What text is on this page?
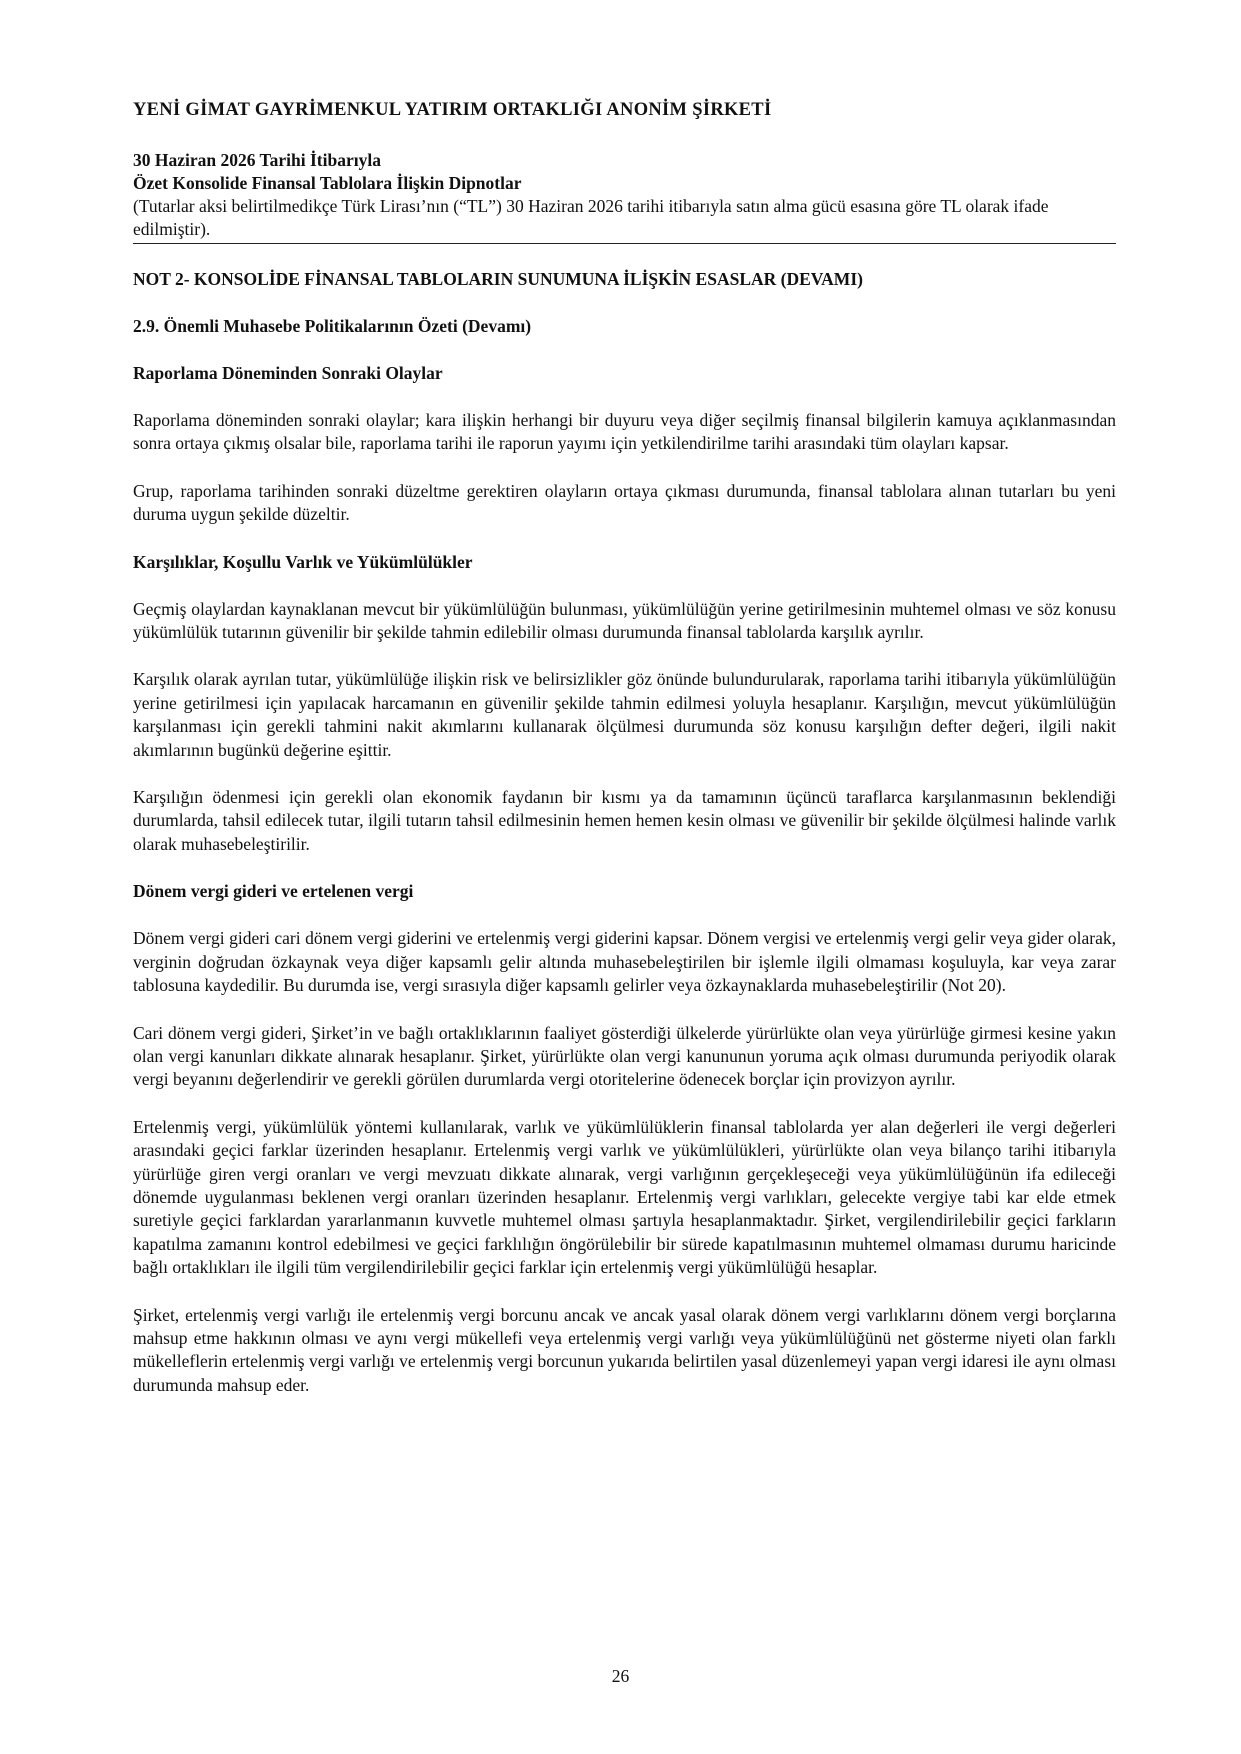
YENİ GİMAT GAYRİMENKUL YATIRIM ORTAKLIĞI ANONİM ŞİRKETİ

30 Haziran 2026 Tarihi İtibarıyla

Özet Konsolide Finansal Tablolara İlişkin Dipnotlar

(Tutarlar aksi belirtilmedikçe Türk Lirası’nın (“TL”) 30 Haziran 2026 tarihi itibarıyla satın alma gücü esasına göre TL olarak ifade edilmiştir).

NOT 2- KONSOLİDE FİNANSAL TABLOLARIN SUNUMUNA İLİŞKİN ESASLAR (DEVAMI)
2.9. Önemli Muhasebe Politikalarının Özeti (Devamı)
Raporlama Döneminden Sonraki Olaylar

Raporlama döneminden sonraki olaylar; kara ilişkin herhangi bir duyuru veya diğer seçilmiş finansal bilgilerin kamuya açıklanmasından sonra ortaya çıkmış olsalar bile, raporlama tarihi ile raporun yayımı için yetkilendirilme tarihi arasındaki tüm olayları kapsar.

Grup, raporlama tarihinden sonraki düzeltme gerektiren olayların ortaya çıkması durumunda, finansal tablolara alınan tutarları bu yeni duruma uygun şekilde düzeltir.

Karşılıklar, Koşullu Varlık ve Yükümlülükler

Geçmiş olaylardan kaynaklanan mevcut bir yükümlülüğün bulunması, yükümlülüğün yerine getirilmesinin muhtemel olması ve söz konusu yükümlülük tutarının güvenilir bir şekilde tahmin edilebilir olması durumunda finansal tablolarda karşılık ayrılır.

Karşılık olarak ayrılan tutar, yükümlülüğe ilişkin risk ve belirsizlikler göz önünde bulundurularak, raporlama tarihi itibarıyla yükümlülüğün yerine getirilmesi için yapılacak harcamanın en güvenilir şekilde tahmin edilmesi yoluyla hesaplanır. Karşılığın, mevcut yükümlülüğün karşılanması için gerekli tahmini nakit akımlarını kullanarak ölçülmesi durumunda söz konusu karşılığın defter değeri, ilgili nakit akımlarının bugünkü değerine eşittir.

Karşılığın ödenmesi için gerekli olan ekonomik faydanın bir kısmı ya da tamamının üçüncü taraflarca karşılanmasının beklendiği durumlarda, tahsil edilecek tutar, ilgili tutarın tahsil edilmesinin hemen hemen kesin olması ve güvenilir bir şekilde ölçülmesi halinde varlık olarak muhasebeleştirilir.

Dönem vergi gideri ve ertelenen vergi

Dönem vergi gideri cari dönem vergi giderini ve ertelenmiş vergi giderini kapsar. Dönem vergisi ve ertelenmiş vergi gelir veya gider olarak, verginin doğrudan özkaynak veya diğer kapsamlı gelir altında muhasebeleştirilen bir işlemle ilgili olmaması koşuluyla, kar veya zarar tablosuna kaydedilir. Bu durumda ise, vergi sırasıyla diğer kapsamlı gelirler veya özkaynaklarda muhasebeleştirilir (Not 20).

Cari dönem vergi gideri, Şirket’in ve bağlı ortaklıklarının faaliyet gösterdiği ülkelerde yürürlükte olan veya yürürlüğe girmesi kesine yakın olan vergi kanunları dikkate alınarak hesaplanır. Şirket, yürürlükte olan vergi kanununun yoruma açık olması durumunda periyodik olarak vergi beyanını değerlendirir ve gerekli görülen durumlarda vergi otoritelerine ödenecek borçlar için provizyon ayrılır.

Ertelenmiş vergi, yükümlülük yöntemi kullanılarak, varlık ve yükümlülüklerin finansal tablolarda yer alan değerleri ile vergi değerleri arasındaki geçici farklar üzerinden hesaplanır. Ertelenmiş vergi varlık ve yükümlülükleri, yürürlükte olan veya bilanço tarihi itibarıyla yürürlüğe giren vergi oranları ve vergi mevzuatı dikkate alınarak, vergi varlığının gerçekleşeceği veya yükümlülüğünün ifa edileceği dönemde uygulanması beklenen vergi oranları üzerinden hesaplanır. Ertelenmiş vergi varlıkları, gelecekte vergiye tabi kar elde etmek suretiyle geçici farklardan yararlanmanın kuvvetle muhtemel olması şartıyla hesaplanmaktadır. Şirket, vergilendirilebilir geçici farkların kapatılma zamanını kontrol edebilmesi ve geçici farklılığın öngörülebilir bir sürede kapatılmasının muhtemel olmaması durumu haricinde bağlı ortaklıkları ile ilgili tüm vergilendirilebilir geçici farklar için ertelenmiş vergi yükümlülüğü hesaplar.

Şirket, ertelenmiş vergi varlığı ile ertelenmiş vergi borcunu ancak ve ancak yasal olarak dönem vergi varlıklarını dönem vergi borçlarına mahsup etme hakkının olması ve aynı vergi mükellefi veya ertelenmiş vergi varlığı veya yükümlülüğünü net gösterme niyeti olan farklı mükelleflerin ertelenmiş vergi varlığı ve ertelenmiş vergi borcunun yukarıda belirtilen yasal düzenlemeyi yapan vergi idaresi ile aynı olması durumunda mahsup eder.

26
